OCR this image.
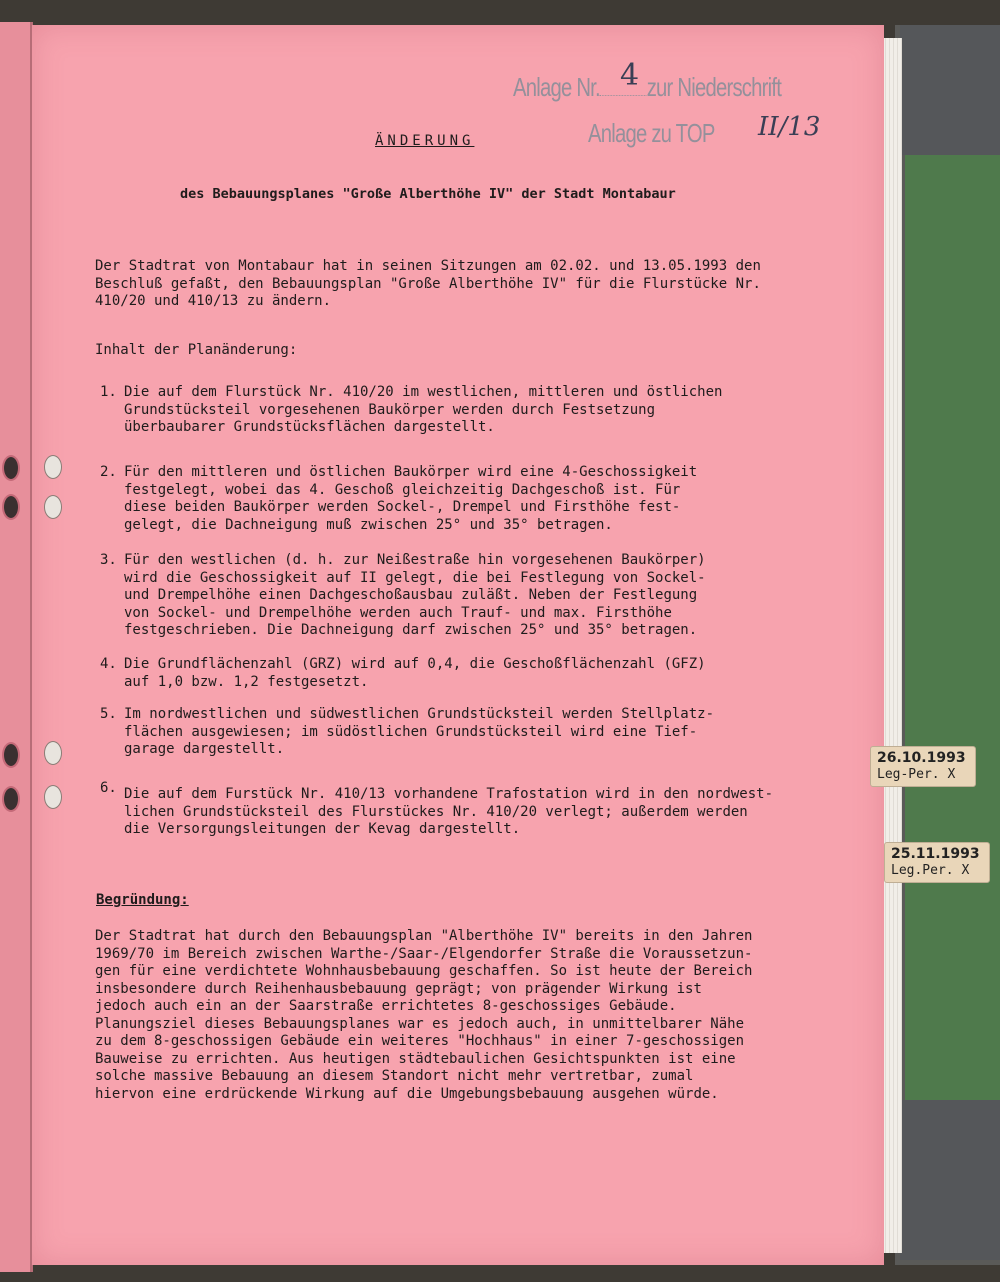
Anlage Nr. zur Niederschrift
4
Anlage zu TOP II/13
ÄNDERUNG
des Bebauungsplanes "Große Alberthöhe IV" der Stadt Montabaur
Der Stadtrat von Montabaur hat in seinen Sitzungen am 02.02. und 13.05.1993 den
Beschluß gefaßt, den Bebauungsplan "Große Alberthöhe IV" für die Flurstücke Nr.
410/20 und 410/13 zu ändern.
Inhalt der Planänderung:
1. Die auf dem Flurstück Nr. 410/20 im westlichen, mittleren und östlichen
Grundstücksteil vorgesehenen Baukörper werden durch Festsetzung
überbaubarer Grundstücksflächen dargestellt.
2. Für den mittleren und östlichen Baukörper wird eine 4-Geschossigkeit
festgelegt, wobei das 4. Geschoß gleichzeitig Dachgeschoß ist. Für
diese beiden Baukörper werden Sockel-, Drempel und Firsthöhe fest-
gelegt, die Dachneigung muß zwischen 25° und 35° betragen.
3. Für den westlichen (d. h. zur Neißestraße hin vorgesehenen Baukörper)
wird die Geschossigkeit auf II gelegt, die bei Festlegung von Sockel-
und Drempelhöhe einen Dachgeschoßausbau zuläßt. Neben der Festlegung
von Sockel- und Drempelhöhe werden auch Trauf- und max. Firsthöhe
festgeschrieben. Die Dachneigung darf zwischen 25° und 35° betragen.
4. Die Grundflächenzahl (GRZ) wird auf 0,4, die Geschoßflächenzahl (GFZ)
auf 1,0 bzw. 1,2 festgesetzt.
5. Im nordwestlichen und südwestlichen Grundstücksteil werden Stellplatz-
flächen ausgewiesen; im südöstlichen Grundstücksteil wird eine Tief-
garage dargestellt.
6. Die auf dem Furstück Nr. 410/13 vorhandene Trafostation wird in den nordwest-
lichen Grundstücksteil des Flurstückes Nr. 410/20 verlegt; außerdem werden
die Versorgungsleitungen der Kevag dargestellt.
Begründung:
Der Stadtrat hat durch den Bebauungsplan "Alberthöhe IV" bereits in den Jahren
1969/70 im Bereich zwischen Warthe-/Saar-/Elgendorfer Straße die Voraussetzun-
gen für eine verdichtete Wohnhausbebauung geschaffen. So ist heute der Bereich
insbesondere durch Reihenhausbebauung geprägt; von prägender Wirkung ist
jedoch auch ein an der Saarstraße errichtetes 8-geschossiges Gebäude.
Planungsziel dieses Bebauungsplanes war es jedoch auch, in unmittelbarer Nähe
zu dem 8-geschossigen Gebäude ein weiteres "Hochhaus" in einer 7-geschossigen
Bauweise zu errichten. Aus heutigen städtebaulichen Gesichtspunkten ist eine
solche massive Bebauung an diesem Standort nicht mehr vertretbar, zumal
hiervon eine erdrückende Wirkung auf die Umgebungsbebauung ausgehen würde.
26.10.1993
Leg-Per. X
25.11.1993
Leg.Per. X
